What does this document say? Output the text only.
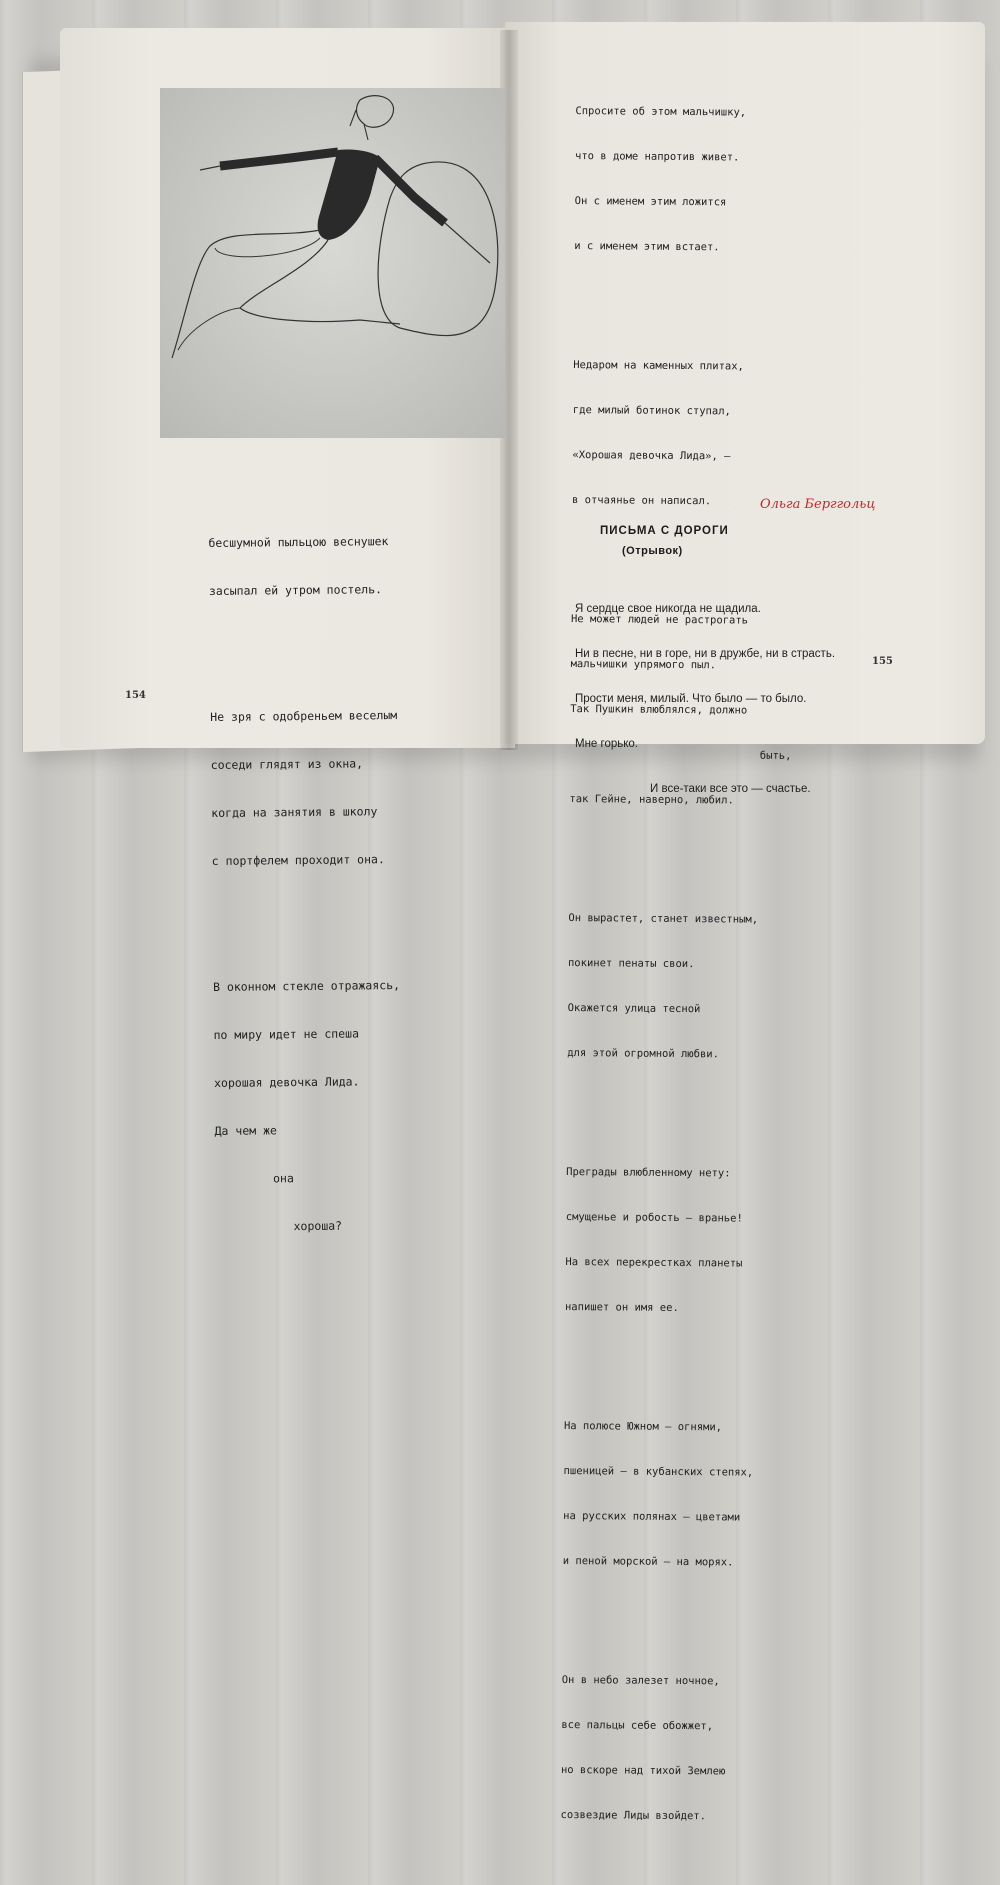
бесшумной пыльцою веснушек

засыпал ей утром постель.

Не зря с одобреньем веселым

соседи глядят из окна,

когда на занятия в школу

с портфелем проходит она.

В оконном стекле отражаясь,

по миру идет не спеша

хорошая девочка Лида.

Да чем же

она

хороша?

154

Спросите об этом мальчишку,

что в доме напротив живет.

Он с именем этим ложится

и с именем этим встает.

Недаром на каменных плитах,

где милый ботинок ступал,

«Хорошая девочка Лида», —

в отчаянье он написал.

Не может людей не растрогать

мальчишки упрямого пыл.

Так Пушкин влюблялся, должно

быть,

так Гейне, наверно, любил.

Он вырастет, станет известным,

покинет пенаты свои.

Окажется улица тесной

для этой огромной любви.

Преграды влюбленному нету:

смущенье и робость — вранье!

На всех перекрестках планеты

напишет он имя ее.

На полюсе Южном — огнями,

пшеницей — в кубанских степях,

на русских полянах — цветами

и пеной морской — на морях.

Он в небо залезет ночное,

все пальцы себе обожжет,

но вскоре над тихой Землею

созвездие Лиды взойдет.

Ольга Берггольц
ПИСЬМА С ДОРОГИ
(Отрывок)

Я сердце свое никогда не щадила.

Ни в песне, ни в горе, ни в дружбе, ни в страсть.

Прости меня, милый. Что было — то было.

Мне горько.

И все-таки все это — счастье.

155
